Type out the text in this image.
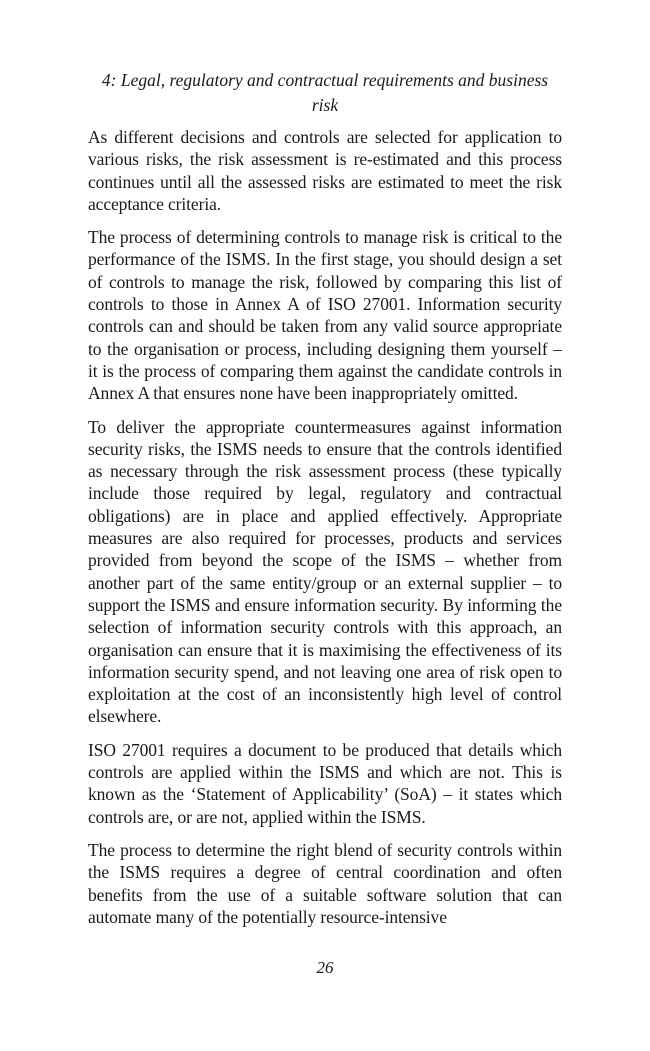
4: Legal, regulatory and contractual requirements and business risk

As different decisions and controls are selected for application to various risks, the risk assessment is re-estimated and this process continues until all the assessed risks are estimated to meet the risk acceptance criteria.

The process of determining controls to manage risk is critical to the performance of the ISMS. In the first stage, you should design a set of controls to manage the risk, followed by comparing this list of controls to those in Annex A of ISO 27001. Information security controls can and should be taken from any valid source appropriate to the organisation or process, including designing them yourself – it is the process of comparing them against the candidate controls in Annex A that ensures none have been inappropriately omitted.

To deliver the appropriate countermeasures against information security risks, the ISMS needs to ensure that the controls identified as necessary through the risk assessment process (these typically include those required by legal, regulatory and contractual obligations) are in place and applied effectively. Appropriate measures are also required for processes, products and services provided from beyond the scope of the ISMS – whether from another part of the same entity/group or an external supplier – to support the ISMS and ensure information security. By informing the selection of information security controls with this approach, an organisation can ensure that it is maximising the effectiveness of its information security spend, and not leaving one area of risk open to exploitation at the cost of an inconsistently high level of control elsewhere.

ISO 27001 requires a document to be produced that details which controls are applied within the ISMS and which are not. This is known as the ‘Statement of Applicability’ (SoA) – it states which controls are, or are not, applied within the ISMS.

The process to determine the right blend of security controls within the ISMS requires a degree of central coordination and often benefits from the use of a suitable software solution that can automate many of the potentially resource-intensive

26
